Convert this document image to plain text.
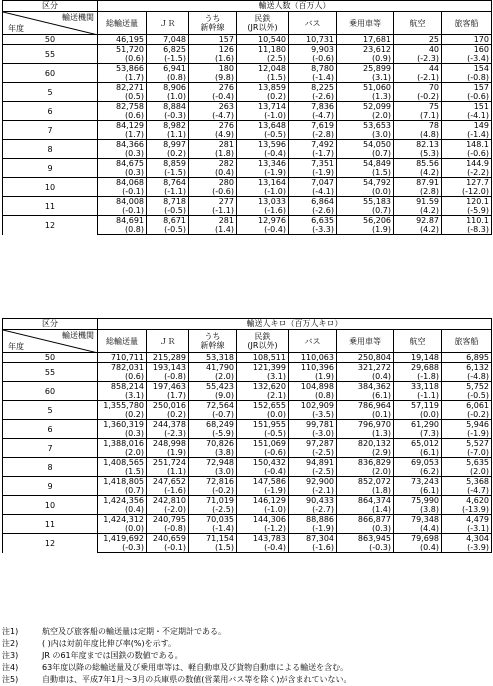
区分	輸送人数（百万人）							

輸送機関
年度	総輸送量	ＪＲ	うち
新幹線	民鉄
(JR以外)	バス	乗用車等	航空	旅客船
50	46,195	7,048	157	10,540	10,731	17,681	25	170
55	51,720	6,825	126	11,180	9,903	23,612	40	160
	(0.6)	(-1.5)	(1.6)	(2.5)	(-0.6)	(0.9)	(-2.3)	(-3.4)
60	53,866	6,941	180	12,048	8,780	25,899	44	154
	(1.7)	(0.8)	(9.8)	(1.5)	(-1.4)	(3.1)	(-2.1)	(-0.8)
5	82,271	8,906	276	13,859	8,225	51,060	70	157
	(0.5)	(1.0)	(-0.4)	(0.2)	(-2.6)	(1.3)	(-0.2)	(-0.6)
6	82,758	8,884	263	13,714	7,836	52,099	75	151
	(0.6)	(-0.3)	(-4.7)	(-1.0)	(-4.7)	(2.0)	(7.1)	(-4.1)
7	84,129	8,982	276	13,648	7,619	53,653	78	149
	(1.7)	(1.1)	(4.9)	(-0.5)	(-2.8)	(3.0)	(4.8)	(-1.4)
8	84,366	8,997	281	13,596	7,492	54,050	82.13	148.1
	(0.3)	(0.2)	(1.8)	(-0.4)	(-1.7)	(0.7)	(5.3)	(-0.6)
9	84,675	8,859	282	13,346	7,351	54,849	85.56	144.9
	(0.3)	(-1.5)	(0.4)	(-1.9)	(-1.9)	(1.5)	(4.2)	(-2.2)
10	84,068	8,764	280	13,164	7,047	54,792	87.91	127.7
	(-0.1)	(-1.1)	(-0.6)	(-1.0)	(-4.1)	(0.0)	(2.8)	(-12.0)
11	84,008	8,718	277	13,033	6,864	55,183	91.59	120.1
	(-0.1)	(-0.5)	(-1.1)	(-1.6)	(-2.6)	(0.7)	(4.2)	(-5.9)
12	84,691	8,671	281	12,976	6,635	56,206	92.87	110.1
	(0.8)	(-0.5)	(1.4)	(-0.4)	(-3.3)	(1.9)	(4.2)	(-8.3)
区分	輸送人キロ（百万人キロ）							

輸送機関
年度	総輸送量	ＪＲ	うち
新幹線	民鉄
(JR以外)	バス	乗用車等	航空	旅客船
50	710,711	215,289	53,318	108,511	110,063	250,804	19,148	6,895
55	782,031	193,143	41,790	121,399	110,396	321,272	29,688	6,132
	(0.6)	(-0.8)	(2.0)	(3.1)	(1.9)	(0.4)	(-1.8)	(-4.8)
60	858,214	197,463	55,423	132,620	104,898	384,362	33,118	5,752
	(3.1)	(1.7)	(9.0)	(2.1)	(0.8)	(6.1)	(-1.1)	(-0.5)
5	1,355,780	250,016	72,564	152,655	102,909	786,964	57,119	6,061
	(0.2)	(0.2)	(-0.7)	(0.0)	(-3.5)	(0.1)	(0.0)	(-0.2)
6	1,360,319	244,378	68,249	151,955	99,781	796,970	61,290	5,946
	(0.3)	(-2.3)	(-5.9)	(-0.5)	(-3.0)	(1.3)	(7.3)	(-1.9)
7	1,388,016	248,998	70,826	151,069	97,287	820,132	65,012	5,527
	(2.0)	(1.9)	(3.8)	(-0.6)	(-2.5)	(2.9)	(6.1)	(-7.0)
8	1,408,565	251,724	72,948	150,432	94,891	836,829	69,053	5,635
	(1.5)	(1.1)	(3.0)	(-0.4)	(-2.5)	(2.0)	(6.2)	(2.0)
9	1,418,805	247,652	72,816	147,586	92,900	852,072	73,243	5,368
	(0.7)	(-1.6)	(-0.2)	(-1.9)	(-2.1)	(1.8)	(6.1)	(-4.7)
10	1,424,356	242,810	71,019	146,129	90,433	864,374	75,990	4,620
	(0.4)	(-2.0)	(-2.5)	(-1.0)	(-2.7)	(1.4)	(3.8)	(-13.9)
11	1,424,312	240,795	70,035	144,306	88,886	866,877	79,348	4,479
	(0.0)	(-0.8)	(-1.4)	(-1.2)	(-1.9)	(0.3)	(4.4)	(-3.1)
12	1,419,692	240,659	71,154	143,783	87,304	863,945	79,698	4,304
	(-0.3)	(-0.1)	(1.5)	(-0.4)	(-1.6)	(-0.3)	(0.4)	(-3.9)
注1)	航空及び旅客船の輸送量は定期・不定期計である。
注2)	( )内は対前年度比伸び率(%)を示す。
注3)	JR の61年度までは国鉄の数値である。
注4)	63年度以降の総輸送量及び乗用車等は、軽自動車及び貨物自動車による輸送を含む。
注5)	自動車は、平成7年1月～3月の兵庫県の数値(営業用バス等を除く)が含まれていない。
